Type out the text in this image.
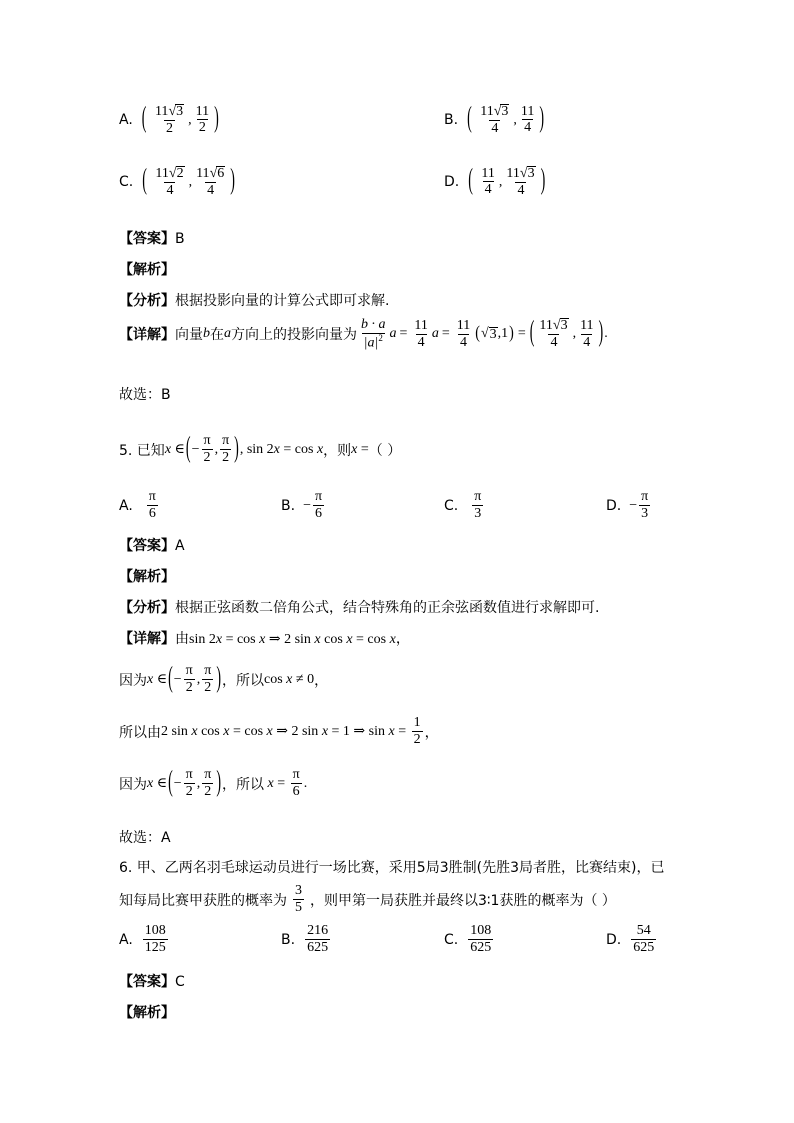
A. ( $\frac{11√3}{2}$ , $\frac{11}{2}$ )	B. ( $\frac{11√3}{4}$ , $\frac{11}{4}$ )
C. ( $\frac{11√2}{4}$ , $\frac{11√6}{4}$ )	D. ( $\frac{11}{4}$ , $\frac{11√3}{4}$ )
【答案】B
【解析】
【分析】根据投影向量的计算公式即可求解.
【详解】 向量 b 在 a 方向上的投影向量为 $\frac{b \cdot a}{|a|^2}$ $a = \frac{11}{4}$ $a = \frac{11}{4}$ ( √ 3 ,1 ) = ( $\frac{11√3}{4}$ , $\frac{11}{4}$ ) .
故选：B
5. 已知 x ∈ ( − $\frac{\pi}{2}$ , $\frac{\pi}{2}$ ) , sin 2 x = cos x ，则 x = （ ）
A. $\frac{\pi}{6}$	B. − $\frac{\pi}{6}$	C. $\frac{\pi}{3}$	D. − $\frac{\pi}{3}$
【答案】A
【解析】
【分析】根据正弦函数二倍角公式，结合特殊角的正余弦函数值进行求解即可.
【详解】由sin 2x = cos x ⇒ 2 sin x cos x = cos x，
因为 x ∈ ( − $\frac{\pi}{2}$ , $\frac{\pi}{2}$ ) ，所以 cos x ≠ 0 ，
所以由 2 sin x cos x = cos x ⇒ 2 sin x = 1 ⇒ $\sin x = \frac{1}{2}$ ，
因为 x ∈ ( − $\frac{\pi}{2}$ , $\frac{\pi}{2}$ ) ，所以
$x = \frac{\pi}{6}$ .
故选：A
6. 甲、乙两名羽毛球运动员进行一场比赛，采用5局3胜制(先胜3局者胜，比赛结束)，已
知每局比赛甲获胜的概率为 $\frac{3}{5}$ ，则甲第一局获胜并最终以3∶1获胜的概率为（ ）
A. $\frac{108}{125}$	B. $\frac{216}{625}$	C. $\frac{108}{625}$	D. $\frac{54}{625}$
【答案】C
【解析】
